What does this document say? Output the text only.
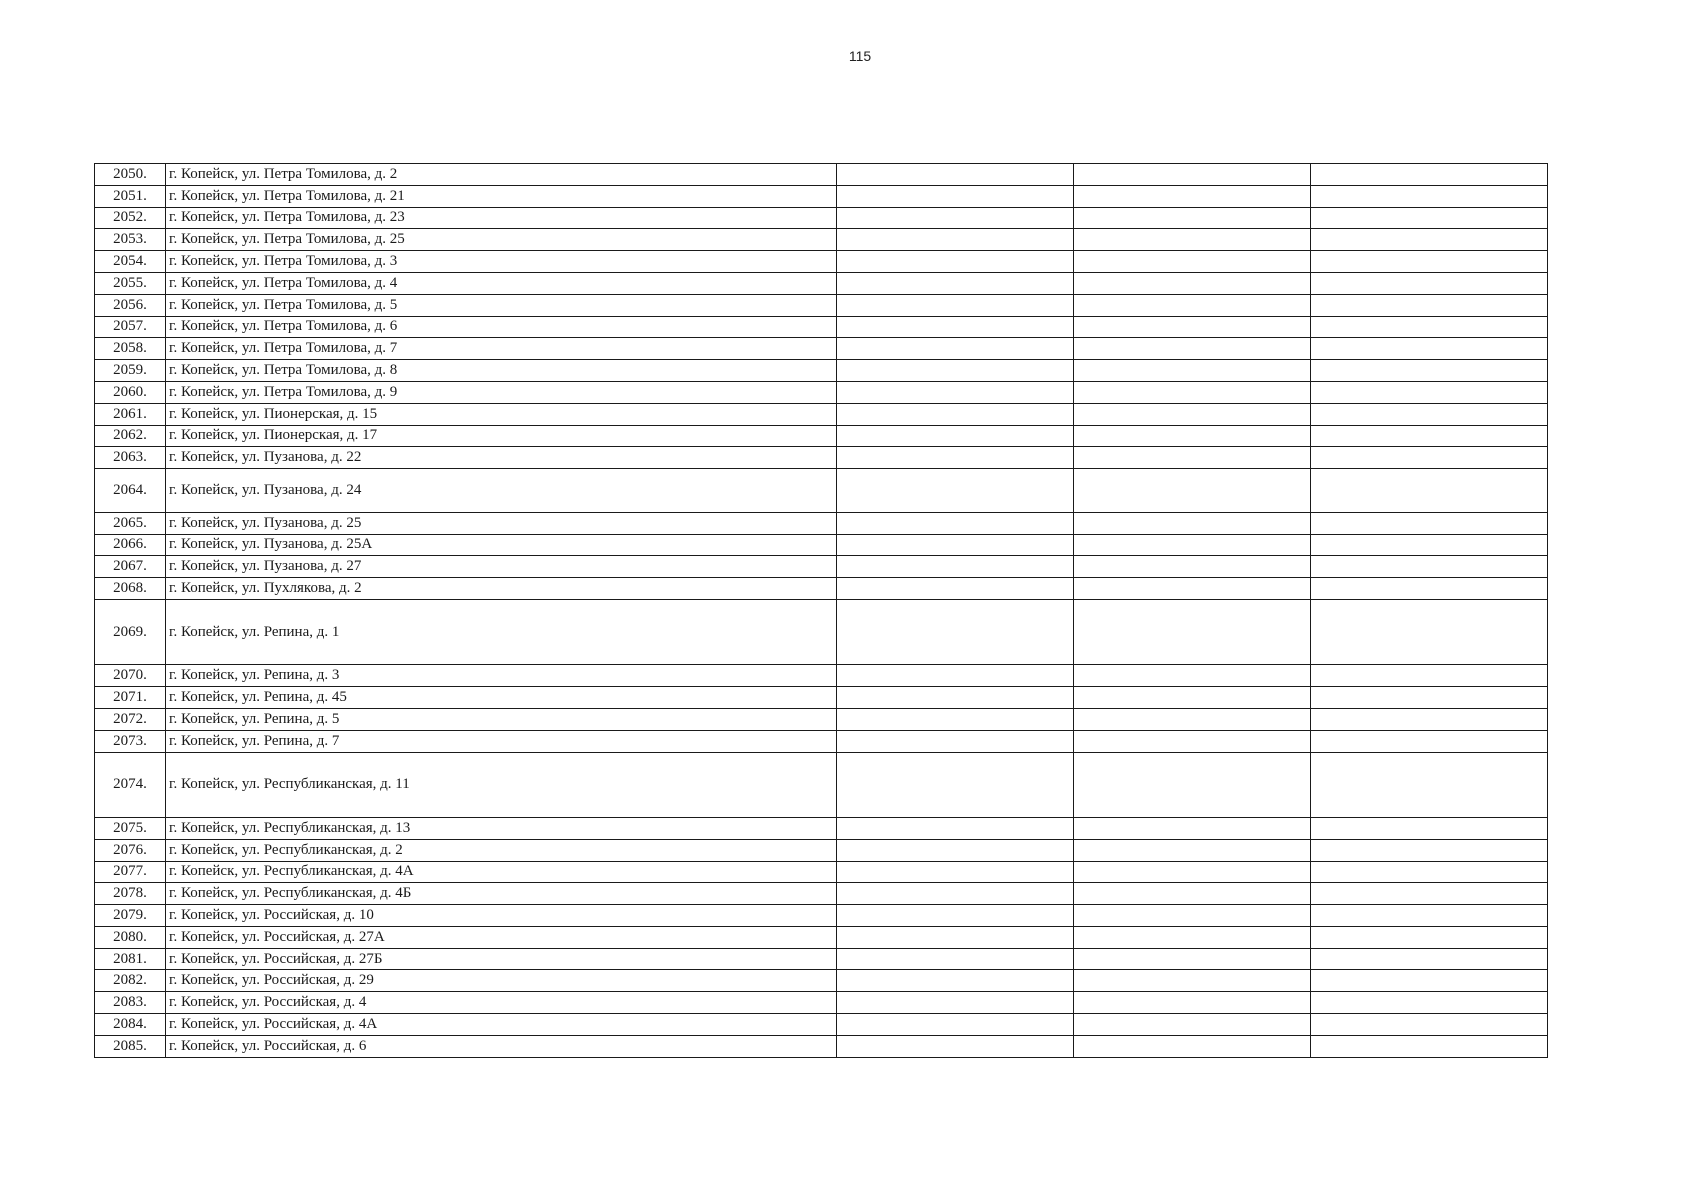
115
2050.	г. Копейск, ул. Петра Томилова, д. 2			
2051.	г. Копейск, ул. Петра Томилова, д. 21			
2052.	г. Копейск, ул. Петра Томилова, д. 23			
2053.	г. Копейск, ул. Петра Томилова, д. 25			
2054.	г. Копейск, ул. Петра Томилова, д. 3			
2055.	г. Копейск, ул. Петра Томилова, д. 4			
2056.	г. Копейск, ул. Петра Томилова, д. 5			
2057.	г. Копейск, ул. Петра Томилова, д. 6			
2058.	г. Копейск, ул. Петра Томилова, д. 7			
2059.	г. Копейск, ул. Петра Томилова, д. 8			
2060.	г. Копейск, ул. Петра Томилова, д. 9			
2061.	г. Копейск, ул. Пионерская, д. 15			
2062.	г. Копейск, ул. Пионерская, д. 17			
2063.	г. Копейск, ул. Пузанова, д. 22			
2064.	г. Копейск, ул. Пузанова, д. 24			
2065.	г. Копейск, ул. Пузанова, д. 25			
2066.	г. Копейск, ул. Пузанова, д. 25А			
2067.	г. Копейск, ул. Пузанова, д. 27			
2068.	г. Копейск, ул. Пухлякова, д. 2			
2069.	г. Копейск, ул. Репина, д. 1			
2070.	г. Копейск, ул. Репина, д. 3			
2071.	г. Копейск, ул. Репина, д. 45			
2072.	г. Копейск, ул. Репина, д. 5			
2073.	г. Копейск, ул. Репина, д. 7			
2074.	г. Копейск, ул. Республиканская, д. 11			
2075.	г. Копейск, ул. Республиканская, д. 13			
2076.	г. Копейск, ул. Республиканская, д. 2			
2077.	г. Копейск, ул. Республиканская, д. 4А			
2078.	г. Копейск, ул. Республиканская, д. 4Б			
2079.	г. Копейск, ул. Российская, д. 10			
2080.	г. Копейск, ул. Российская, д. 27А			
2081.	г. Копейск, ул. Российская, д. 27Б			
2082.	г. Копейск, ул. Российская, д. 29			
2083.	г. Копейск, ул. Российская, д. 4			
2084.	г. Копейск, ул. Российская, д. 4А			
2085.	г. Копейск, ул. Российская, д. 6			
